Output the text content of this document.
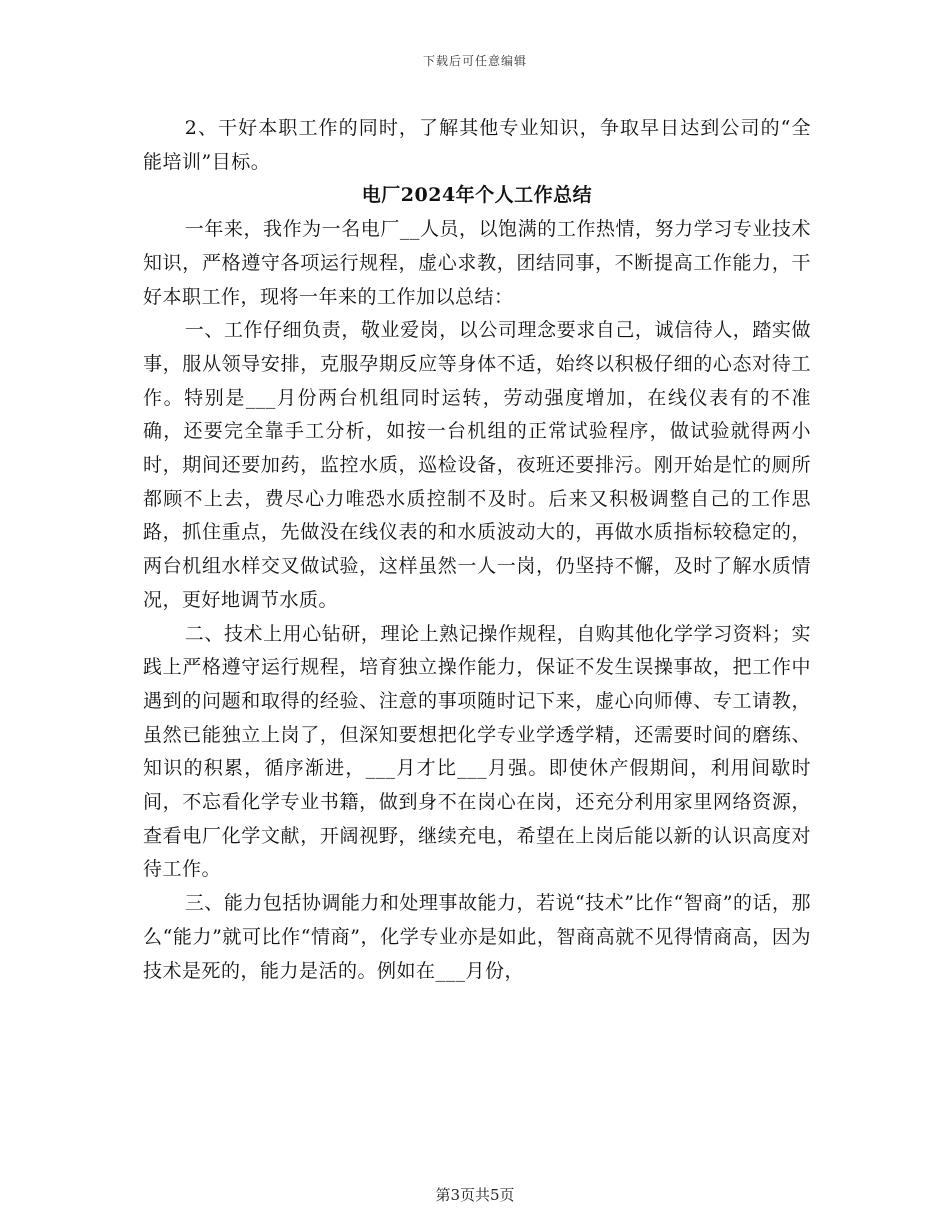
下载后可任意编辑

2、干好本职工作的同时，了解其他专业知识，争取早日达到公司的“全能培训”目标。

电厂2024年个人工作总结

一年来，我作为一名电厂__人员，以饱满的工作热情，努力学习专业技术知识，严格遵守各项运行规程，虚心求教，团结同事，不断提高工作能力，干好本职工作，现将一年来的工作加以总结：

一、工作仔细负责，敬业爱岗，以公司理念要求自己，诚信待人，踏实做事，服从领导安排，克服孕期反应等身体不适，始终以积极仔细的心态对待工作。特别是___月份两台机组同时运转，劳动强度增加，在线仪表有的不准确，还要完全靠手工分析，如按一台机组的正常试验程序，做试验就得两小时，期间还要加药，监控水质，巡检设备，夜班还要排污。刚开始是忙的厕所都顾不上去，费尽心力唯恐水质控制不及时。后来又积极调整自己的工作思路，抓住重点，先做没在线仪表的和水质波动大的，再做水质指标较稳定的，两台机组水样交叉做试验，这样虽然一人一岗，仍坚持不懈，及时了解水质情况，更好地调节水质。

二、技术上用心钻研，理论上熟记操作规程，自购其他化学学习资料；实践上严格遵守运行规程，培育独立操作能力，保证不发生误操事故，把工作中遇到的问题和取得的经验、注意的事项随时记下来，虚心向师傅、专工请教，虽然已能独立上岗了，但深知要想把化学专业学透学精，还需要时间的磨练、知识的积累，循序渐进，___月才比___月强。即使休产假期间，利用间歇时间，不忘看化学专业书籍，做到身不在岗心在岗，还充分利用家里网络资源，查看电厂化学文献，开阔视野，继续充电，希望在上岗后能以新的认识高度对待工作。

三、能力包括协调能力和处理事故能力，若说“技术”比作“智商”的话，那么“能力”就可比作“情商”，化学专业亦是如此，智商高就不见得情商高，因为技术是死的，能力是活的。例如在___月份，

第3页共5页
